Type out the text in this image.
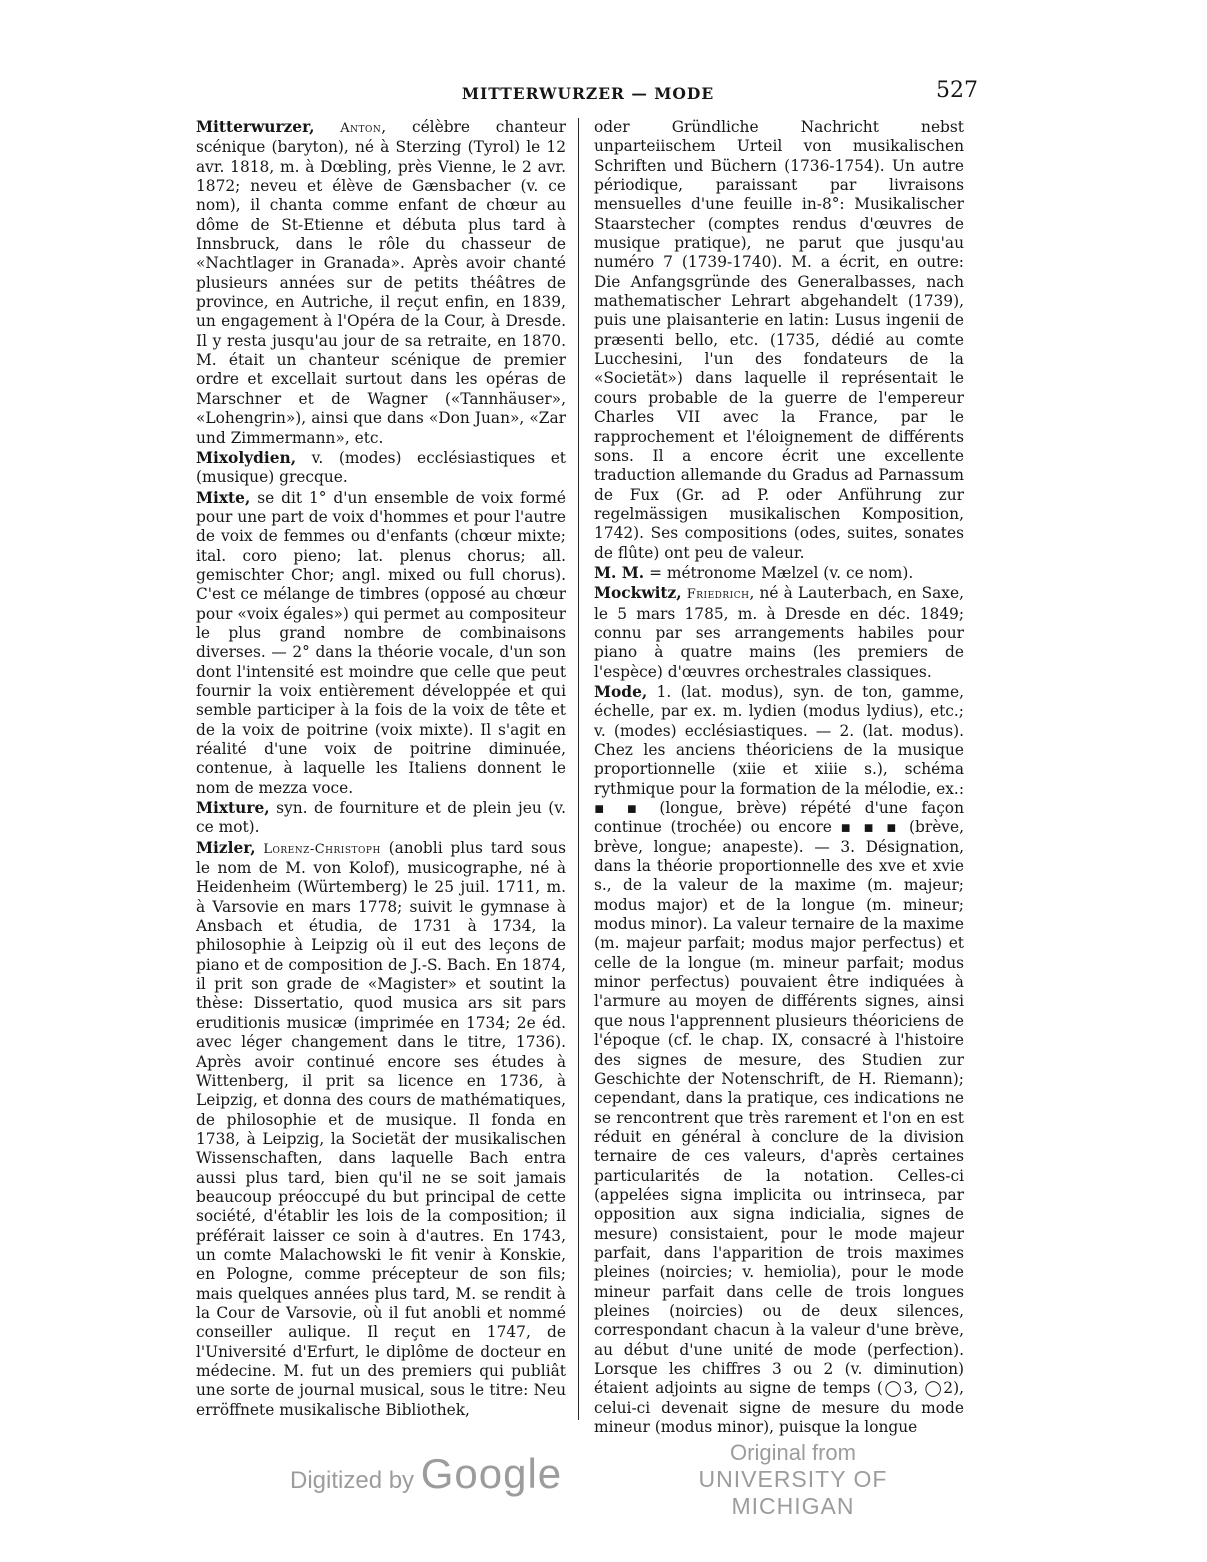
MITTERWURZER — MODE	527

Mitterwurzer, Anton, célèbre chanteur scénique (baryton), né à Sterzing (Tyrol) le 12 avr. 1818, m. à Dœbling, près Vienne, le 2 avr. 1872; neveu et élève de Gænsbacher (v. ce nom), il chanta comme enfant de chœur au dôme de St-Etienne et débuta plus tard à Innsbruck, dans le rôle du chasseur de «Nachtlager in Granada». Après avoir chanté plusieurs années sur de petits théâtres de province, en Autriche, il reçut enfin, en 1839, un engagement à l'Opéra de la Cour, à Dresde. Il y resta jusqu'au jour de sa retraite, en 1870. M. était un chanteur scénique de premier ordre et excellait surtout dans les opéras de Marschner et de Wagner («Tannhäuser», «Lohengrin»), ainsi que dans «Don Juan», «Zar und Zimmermann», etc.

Mixolydien, v. (modes) ecclésiastiques et (musique) grecque.

Mixte, se dit 1° d'un ensemble de voix formé pour une part de voix d'hommes et pour l'autre de voix de femmes ou d'enfants (chœur mixte; ital. coro pieno; lat. plenus chorus; all. gemischter Chor; angl. mixed ou full chorus). C'est ce mélange de timbres (opposé au chœur pour «voix égales») qui permet au compositeur le plus grand nombre de combinaisons diverses. — 2° dans la théorie vocale, d'un son dont l'intensité est moindre que celle que peut fournir la voix entièrement développée et qui semble participer à la fois de la voix de tête et de la voix de poitrine (voix mixte). Il s'agit en réalité d'une voix de poitrine diminuée, contenue, à laquelle les Italiens donnent le nom de mezza voce.

Mixture, syn. de fourniture et de plein jeu (v. ce mot).

Mizler, Lorenz-Christoph (anobli plus tard sous le nom de M. von Kolof), musicographe, né à Heidenheim (Würtemberg) le 25 juil. 1711, m. à Varsovie en mars 1778; suivit le gymnase à Ansbach et étudia, de 1731 à 1734, la philosophie à Leipzig où il eut des leçons de piano et de composition de J.-S. Bach. En 1874, il prit son grade de «Magister» et soutint la thèse: Dissertatio, quod musica ars sit pars eruditionis musicæ (imprimée en 1734; 2e éd. avec léger changement dans le titre, 1736). Après avoir continué encore ses études à Wittenberg, il prit sa licence en 1736, à Leipzig, et donna des cours de mathématiques, de philosophie et de musique. Il fonda en 1738, à Leipzig, la Societät der musikalischen Wissenschaften, dans laquelle Bach entra aussi plus tard, bien qu'il ne se soit jamais beaucoup préoccupé du but principal de cette société, d'établir les lois de la composition; il préférait laisser ce soin à d'autres. En 1743, un comte Malachowski le fit venir à Konskie, en Pologne, comme précepteur de son fils; mais quelques années plus tard, M. se rendit à la Cour de Varsovie, où il fut anobli et nommé conseiller aulique. Il reçut en 1747, de l'Université d'Erfurt, le diplôme de docteur en médecine. M. fut un des premiers qui publiât une sorte de journal musical, sous le titre: Neu erröffnete musikalische Bibliothek,

oder Gründliche Nachricht nebst unparteiischem Urteil von musikalischen Schriften und Büchern (1736-1754). Un autre périodique, paraissant par livraisons mensuelles d'une feuille in-8°: Musikalischer Staarstecher (comptes rendus d'œuvres de musique pratique), ne parut que jusqu'au numéro 7 (1739-1740). M. a écrit, en outre: Die Anfangsgründe des Generalbasses, nach mathematischer Lehrart abgehandelt (1739), puis une plaisanterie en latin: Lusus ingenii de præsenti bello, etc. (1735, dédié au comte Lucchesini, l'un des fondateurs de la «Societät») dans laquelle il représentait le cours probable de la guerre de l'empereur Charles VII avec la France, par le rapprochement et l'éloignement de différents sons. Il a encore écrit une excellente traduction allemande du Gradus ad Parnassum de Fux (Gr. ad P. oder Anführung zur regelmässigen musikalischen Komposition, 1742). Ses compositions (odes, suites, sonates de flûte) ont peu de valeur.

M. M. = métronome Mælzel (v. ce nom).

Mockwitz, Friedrich, né à Lauterbach, en Saxe, le 5 mars 1785, m. à Dresde en déc. 1849; connu par ses arrangements habiles pour piano à quatre mains (les premiers de l'espèce) d'œuvres orchestrales classiques.

Mode, 1. (lat. modus), syn. de ton, gamme, échelle, par ex. m. lydien (modus lydius), etc.; v. (modes) ecclésiastiques. — 2. (lat. modus). Chez les anciens théoriciens de la musique proportionnelle (xiie et xiiie s.), schéma rythmique pour la formation de la mélodie, ex.: ▪ ▪ (longue, brève) répété d'une façon continue (trochée) ou encore ▪ ▪ ▪ (brève, brève, longue; anapeste). — 3. Désignation, dans la théorie proportionnelle des xve et xvie s., de la valeur de la maxime (m. majeur; modus major) et de la longue (m. mineur; modus minor). La valeur ternaire de la maxime (m. majeur parfait; modus major perfectus) et celle de la longue (m. mineur parfait; modus minor perfectus) pouvaient être indiquées à l'armure au moyen de différents signes, ainsi que nous l'apprennent plusieurs théoriciens de l'époque (cf. le chap. IX, consacré à l'histoire des signes de mesure, des Studien zur Geschichte der Notenschrift, de H. Riemann); cependant, dans la pratique, ces indications ne se rencontrent que très rarement et l'on en est réduit en général à conclure de la division ternaire de ces valeurs, d'après certaines particularités de la notation. Celles-ci (appelées signa implicita ou intrinseca, par opposition aux signa indicialia, signes de mesure) consistaient, pour le mode majeur parfait, dans l'apparition de trois maximes pleines (noircies; v. hemiolia), pour le mode mineur parfait dans celle de trois longues pleines (noircies) ou de deux silences, correspondant chacun à la valeur d'une brève, au début d'une unité de mode (perfection). Lorsque les chiffres 3 ou 2 (v. diminution) étaient adjoints au signe de temps (◯3, ◯2), celui-ci devenait signe de mesure du mode mineur (modus minor), puisque la longue

Digitized by Google	Original from
UNIVERSITY OF MICHIGAN
